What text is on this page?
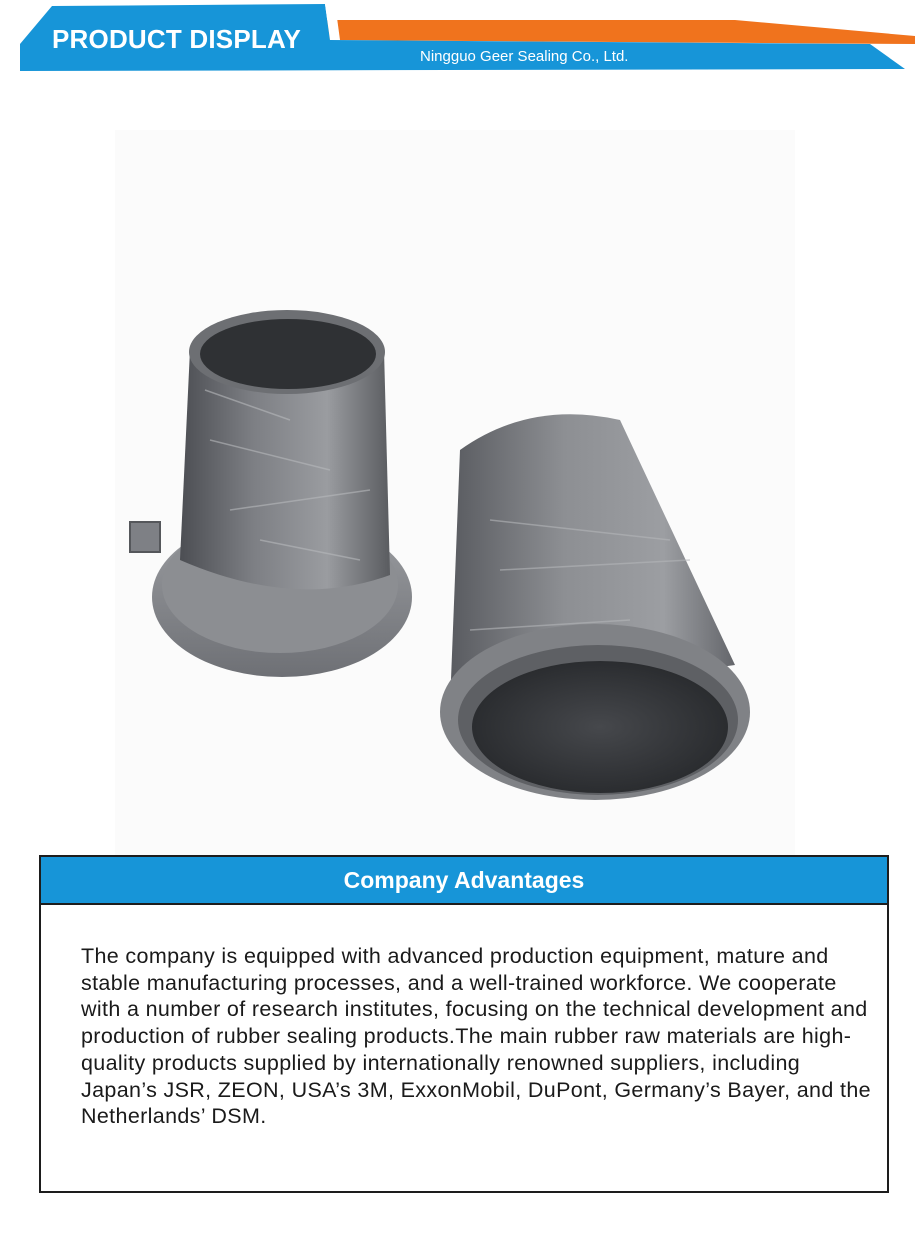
PRODUCT DISPLAY

Ningguo Geer Sealing Co., Ltd.

Company Advantages

The company is equipped with advanced production equipment, mature and stable manufacturing processes, and a well-trained workforce. We cooperate with a number of research institutes, focusing on the technical development and production of rubber sealing products.The main rubber raw materials are high-quality products supplied by internationally renowned suppliers, including Japan’s JSR, ZEON, USA’s 3M, ExxonMobil, DuPont, Germany’s Bayer, and the Netherlands’ DSM.
